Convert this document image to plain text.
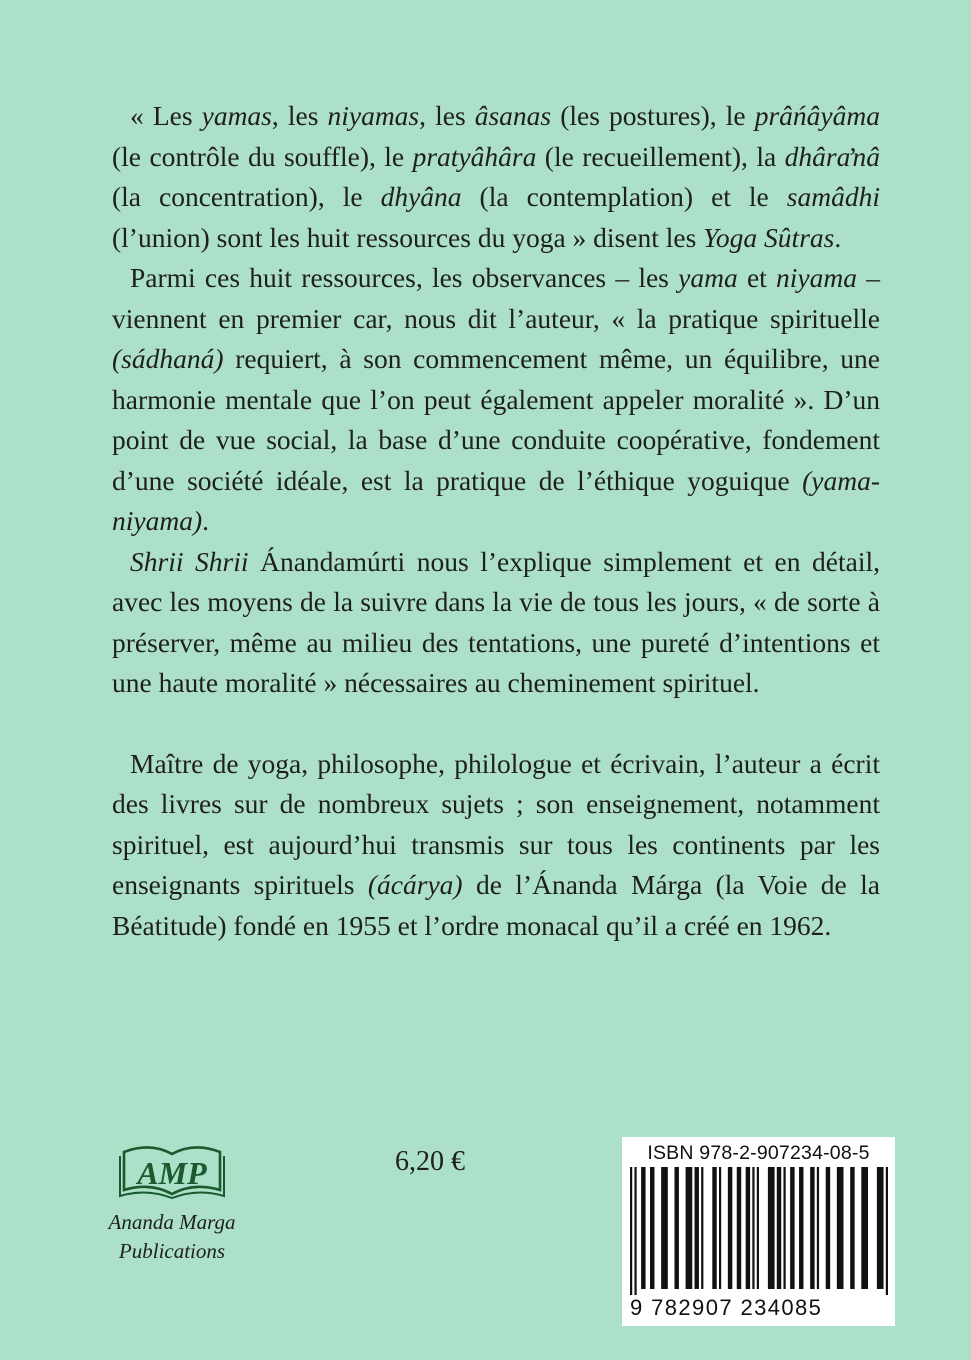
« Les yamas, les niyamas, les âsanas (les postures), le prâńâyâma (le contrôle du souffle), le pratyâhâra (le recueillement), la dhâraŉâ (la concentration), le dhyâna (la contemplation) et le samâdhi (l’union) sont les huit ressources du yoga » disent les Yoga Sûtras.

Parmi ces huit ressources, les observances – les yama et niyama – viennent en premier car, nous dit l’auteur, « la pratique spirituelle (sádhaná) requiert, à son commencement même, un équilibre, une harmonie mentale que l’on peut également appeler moralité ». D’un point de vue social, la base d’une conduite coopérative, fondement d’une société idéale, est la pratique de l’éthique yoguique (yama-niyama).

Shrii Shrii Ánandamúrti nous l’explique simplement et en détail, avec les moyens de la suivre dans la vie de tous les jours, « de sorte à préserver, même au milieu des tentations, une pureté d’intentions et une haute moralité » nécessaires au cheminement spirituel.

Maître de yoga, philosophe, philologue et écrivain, l’auteur a écrit des livres sur de nombreux sujets ; son enseignement, notamment spirituel, est aujourd’hui transmis sur tous les continents par les enseignants spirituels (ácárya) de l’Ánanda Márga (la Voie de la Béatitude) fondé en 1955 et l’ordre monacal qu’il a créé en 1962.

AMP
Ananda Marga
Publications
6,20 €	ISBN 978-2-907234-08-5
9 782907 234085
